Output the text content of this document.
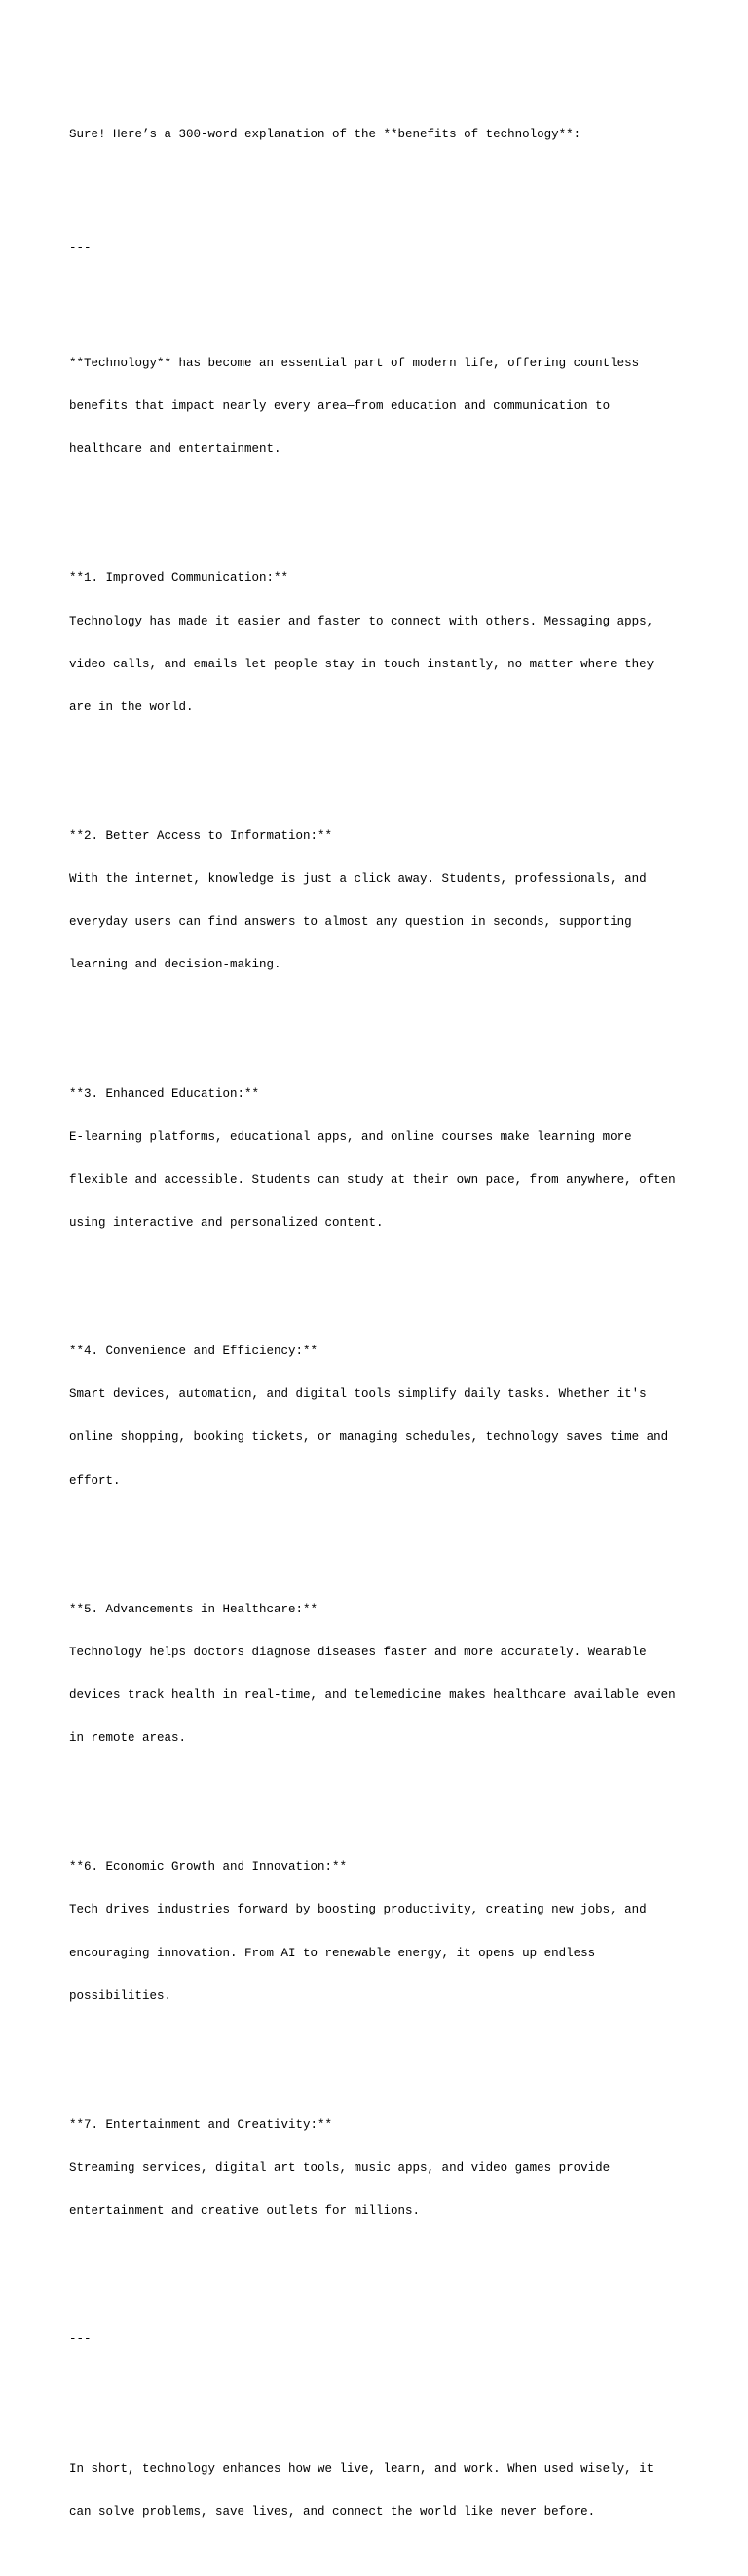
Sure! Here’s a 300-word explanation of the **benefits of technology**:

---

**Technology** has become an essential part of modern life, offering countless

benefits that impact nearly every area—from education and communication to

healthcare and entertainment.

**1. Improved Communication:**

Technology has made it easier and faster to connect with others. Messaging apps,

video calls, and emails let people stay in touch instantly, no matter where they

are in the world.

**2. Better Access to Information:**

With the internet, knowledge is just a click away. Students, professionals, and

everyday users can find answers to almost any question in seconds, supporting

learning and decision-making.

**3. Enhanced Education:**

E-learning platforms, educational apps, and online courses make learning more

flexible and accessible. Students can study at their own pace, from anywhere, often

using interactive and personalized content.

**4. Convenience and Efficiency:**

Smart devices, automation, and digital tools simplify daily tasks. Whether it's

online shopping, booking tickets, or managing schedules, technology saves time and

effort.

**5. Advancements in Healthcare:**

Technology helps doctors diagnose diseases faster and more accurately. Wearable

devices track health in real-time, and telemedicine makes healthcare available even

in remote areas.

**6. Economic Growth and Innovation:**

Tech drives industries forward by boosting productivity, creating new jobs, and

encouraging innovation. From AI to renewable energy, it opens up endless

possibilities.

**7. Entertainment and Creativity:**

Streaming services, digital art tools, music apps, and video games provide

entertainment and creative outlets for millions.

---

In short, technology enhances how we live, learn, and work. When used wisely, it

can solve problems, save lives, and connect the world like never before.
